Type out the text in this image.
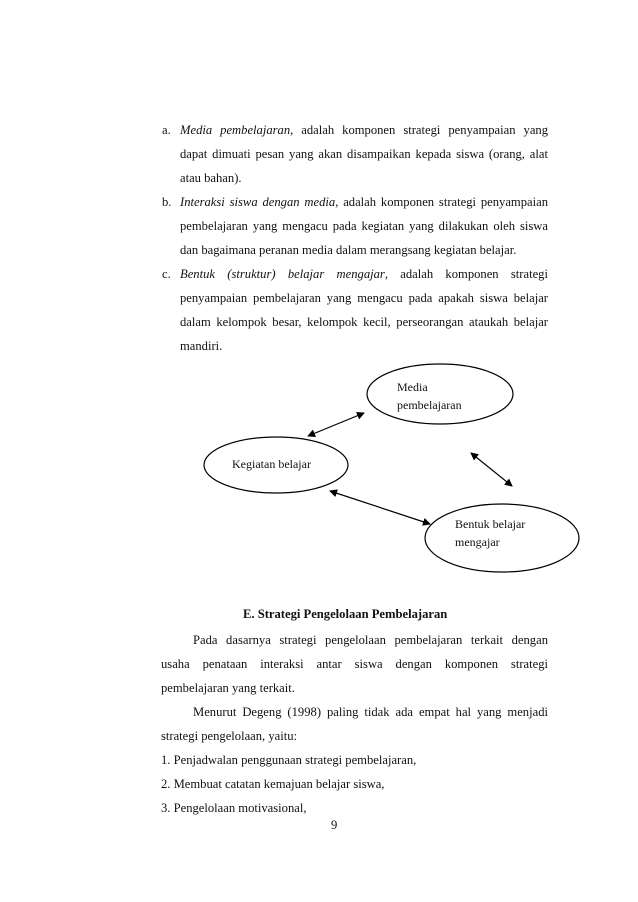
a. Media pembelajaran, adalah komponen strategi penyampaian yang
dapat dimuati pesan yang akan disampaikan kepada siswa (orang, alat
atau bahan).
b. Interaksi siswa dengan media, adalah komponen strategi penyampaian
pembelajaran yang mengacu pada kegiatan yang dilakukan oleh siswa
dan bagaimana peranan media dalam merangsang kegiatan belajar.
c. Bentuk (struktur) belajar mengajar, adalah komponen strategi
penyampaian pembelajaran yang mengacu pada apakah siswa belajar
dalam kelompok besar, kelompok kecil, perseorangan ataukah belajar
mandiri.
Media
pembelajaran
Kegiatan belajar
Bentuk belajar
mengajar
E. Strategi Pengelolaan Pembelajaran
Pada dasarnya strategi pengelolaan pembelajaran terkait dengan
usaha penataan interaksi antar siswa dengan komponen strategi
pembelajaran yang terkait.
Menurut Degeng (1998) paling tidak ada empat hal yang menjadi
strategi pengelolaan, yaitu:
1. Penjadwalan penggunaan strategi pembelajaran,
2. Membuat catatan kemajuan belajar siswa,
3. Pengelolaan motivasional,
9
